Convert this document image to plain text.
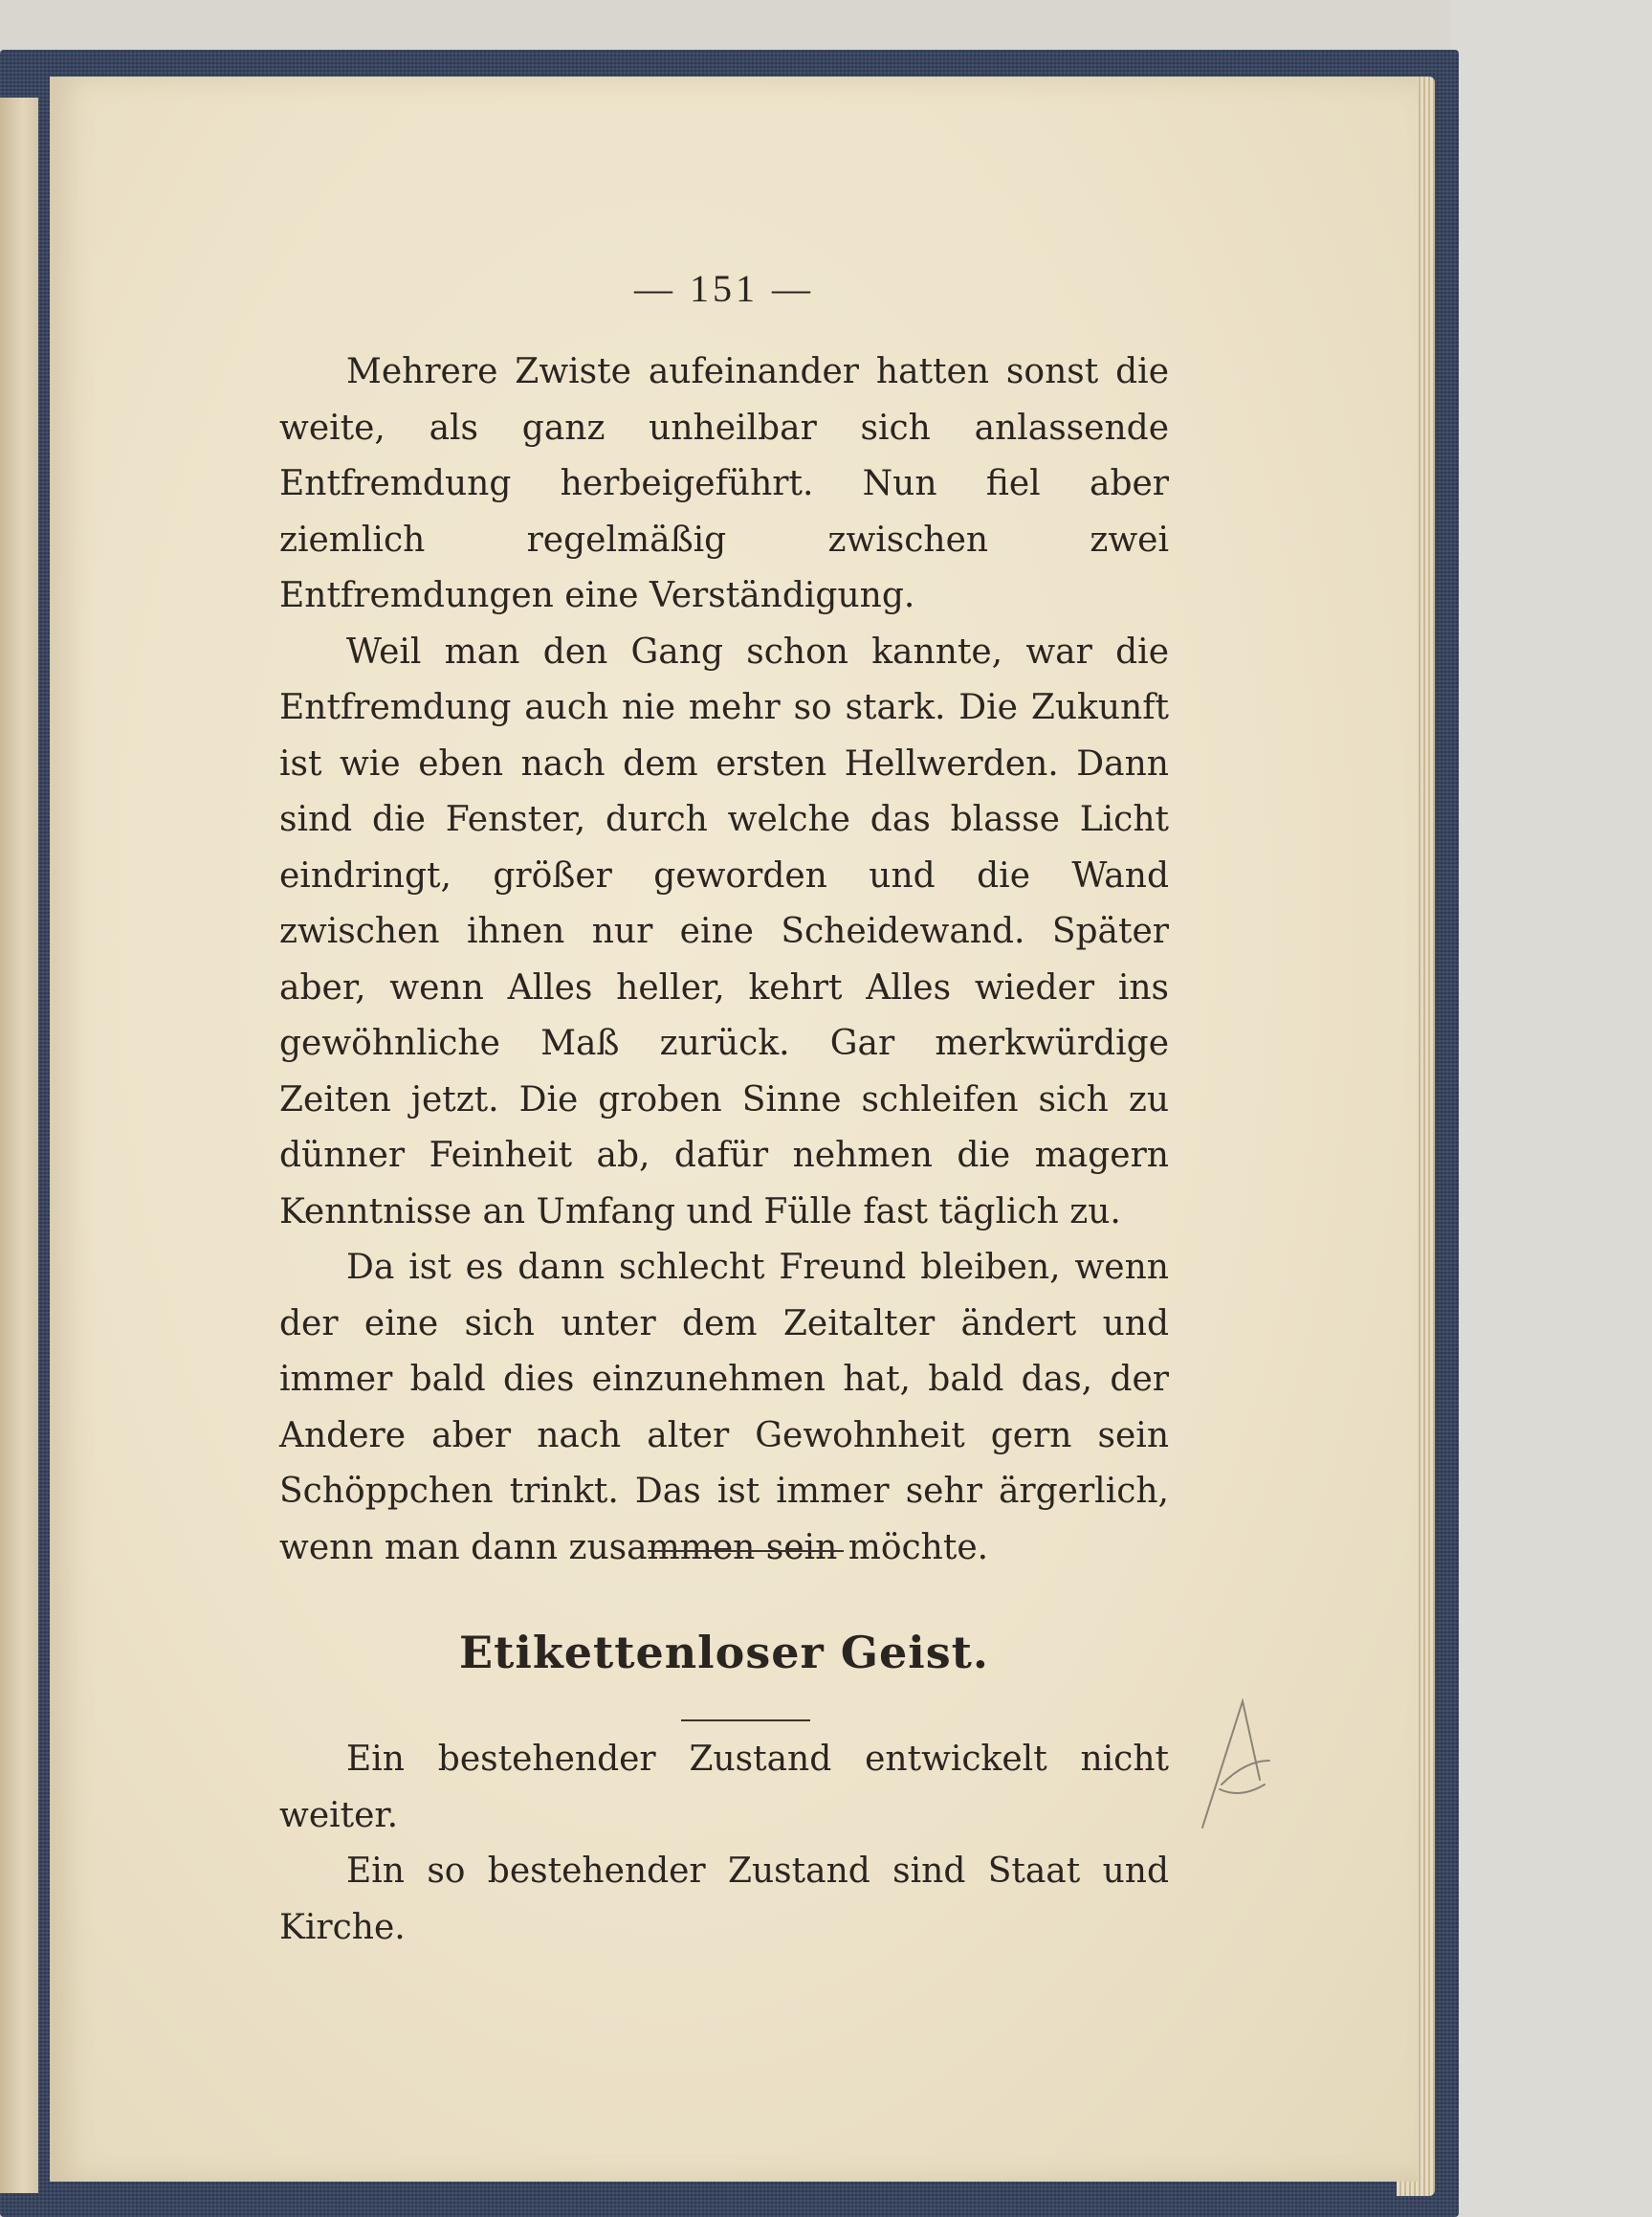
— 151 —

Mehrere Zwiste aufeinander hatten sonst die weite, als ganz unheilbar sich anlassende Entfremdung herbeigeführt. Nun fiel aber ziemlich regelmäßig zwischen zwei Entfremdungen eine Verständigung.

Weil man den Gang schon kannte, war die Entfremdung auch nie mehr so stark. Die Zukunft ist wie eben nach dem ersten Hellwerden. Dann sind die Fenster, durch welche das blasse Licht eindringt, größer geworden und die Wand zwischen ihnen nur eine Scheidewand. Später aber, wenn Alles heller, kehrt Alles wieder ins gewöhnliche Maß zurück. Gar merkwürdige Zeiten jetzt. Die groben Sinne schleifen sich zu dünner Feinheit ab, dafür nehmen die magern Kenntnisse an Umfang und Fülle fast täglich zu.

Da ist es dann schlecht Freund bleiben, wenn der eine sich unter dem Zeitalter ändert und immer bald dies einzunehmen hat, bald das, der Andere aber nach alter Gewohnheit gern sein Schöppchen trinkt. Das ist immer sehr ärgerlich, wenn man dann zusammen sein möchte.

Etikettenloser Geist.

Ein bestehender Zustand entwickelt nicht weiter.

Ein so bestehender Zustand sind Staat und Kirche.
